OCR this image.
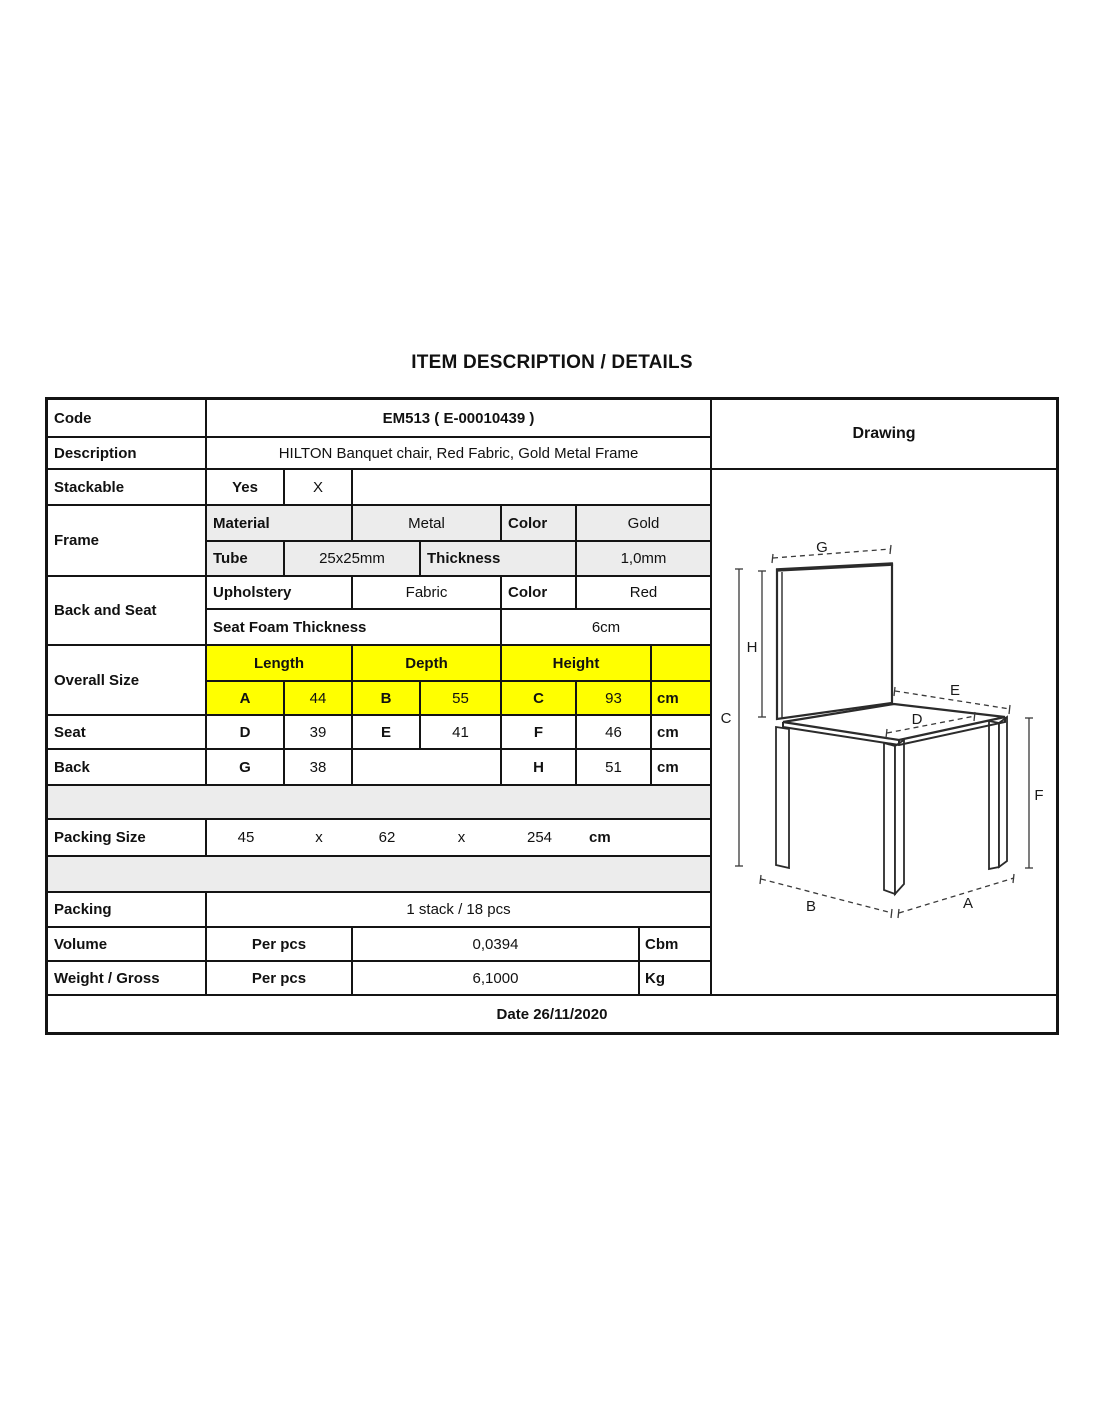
ITEM DESCRIPTION / DETAILS
Code	EM513 ( E-00010439 )
Description	HILTON Banquet chair, Red Fabric, Gold Metal Frame
Stackable	Yes	X
Frame
Material	Metal	Color	Gold
Tube	25x25mm	Thickness	1,0mm
Back and Seat
Upholstery	Fabric	Color	Red
Seat Foam Thickness	6cm
Overall Size
Length	Depth	Height
A	44	B	55	C	93	cm
Seat	D	39	E	41	F	46	cm
Back	G	38	H	51	cm
Packing Size	45	x	62	x	254	cm
Packing	1 stack / 18 pcs
Volume	Per pcs	0,0394	Cbm
Weight / Gross	Per pcs	6,1000	Kg
Date 26/11/2020
Drawing
G
H
C
E
D
F
B	A
